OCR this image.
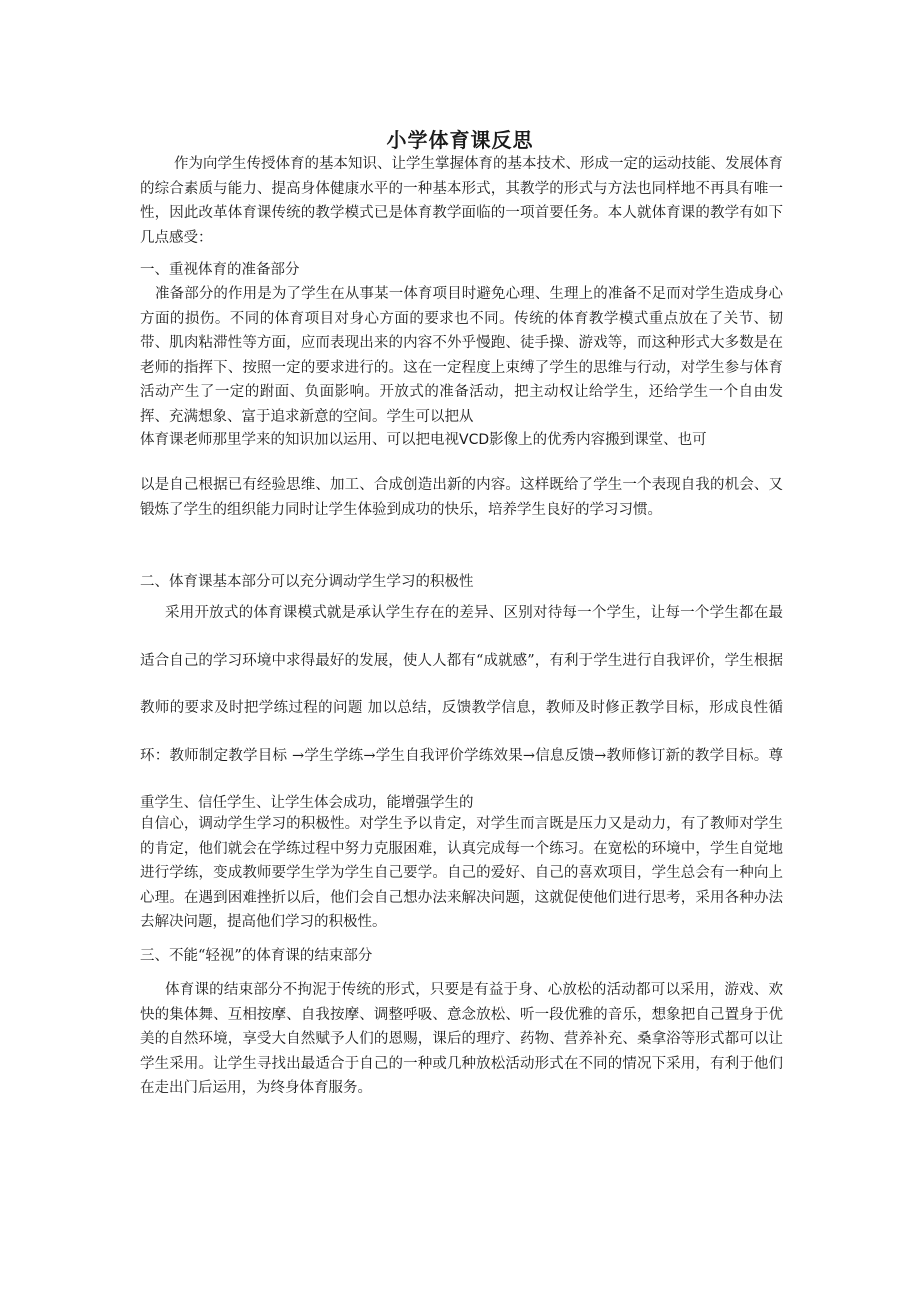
小学体育课反思

作为向学生传授体育的基本知识、让学生掌握体育的基本技术、形成一定的运动技能、发展体育的综合素质与能力、提高身体健康水平的一种基本形式，其教学的形式与方法也同样地不再具有唯一性，因此改革体育课传统的教学模式已是体育教学面临的一项首要任务。本人就体育课的教学有如下几点感受：

一、重视体育的准备部分

准备部分的作用是为了学生在从事某一体育项目时避免心理、生理上的准备不足而对学生造成身心方面的损伤。不同的体育项目对身心方面的要求也不同。传统的体育教学模式重点放在了关节、韧带、肌肉粘滞性等方面，应而表现出来的内容不外乎慢跑、徒手操、游戏等，而这种形式大多数是在老师的指挥下、按照一定的要求进行的。这在一定程度上束缚了学生的思维与行动，对学生参与体育活动产生了一定的跗面、负面影响。开放式的准备活动，把主动权让给学生，还给学生一个自由发挥、充满想象、富于追求新意的空间。学生可以把从

体育课老师那里学来的知识加以运用、可以把电视VCD影像上的优秀内容搬到课堂、也可

以是自己根据已有经验思维、加工、合成创造出新的内容。这样既给了学生一个表现自我的机会、又锻炼了学生的组织能力同时让学生体验到成功的快乐，培养学生良好的学习习惯。

二、体育课基本部分可以充分调动学生学习的积极性

采用开放式的体育课模式就是承认学生存在的差异、区别对待每一个学生，让每一个学生都在最适合自己的学习环境中求得最好的发展，使人人都有“成就感”，有利于学生进行自我评价，学生根据教师的要求及时把学练过程的问题 加以总结，反馈教学信息，教师及时修正教学目标，形成良性循环：教师制定教学目标 →学生学练→学生自我评价学练效果→信息反馈→教师修订新的教学目标。尊重学生、信任学生、让学生体会成功，能增强学生的

自信心，调动学生学习的积极性。对学生予以肯定，对学生而言既是压力又是动力，有了教师对学生的肯定，他们就会在学练过程中努力克服困难，认真完成每一个练习。在宽松的环境中，学生自觉地进行学练，变成教师要学生学为学生自己要学。自己的爱好、自己的喜欢项目，学生总会有一种向上心理。在遇到困难挫折以后，他们会自己想办法来解决问题，这就促使他们进行思考，采用各种办法去解决问题，提高他们学习的积极性。

三、不能“轻视”的体育课的结束部分

体育课的结束部分不拘泥于传统的形式，只要是有益于身、心放松的活动都可以采用，游戏、欢快的集体舞、互相按摩、自我按摩、调整呼吸、意念放松、听一段优雅的音乐，想象把自己置身于优美的自然环境，享受大自然赋予人们的恩赐，课后的理疗、药物、营养补充、桑拿浴等形式都可以让学生采用。让学生寻找出最适合于自己的一种或几种放松活动形式在不同的情况下采用，有利于他们在走出门后运用，为终身体育服务。
